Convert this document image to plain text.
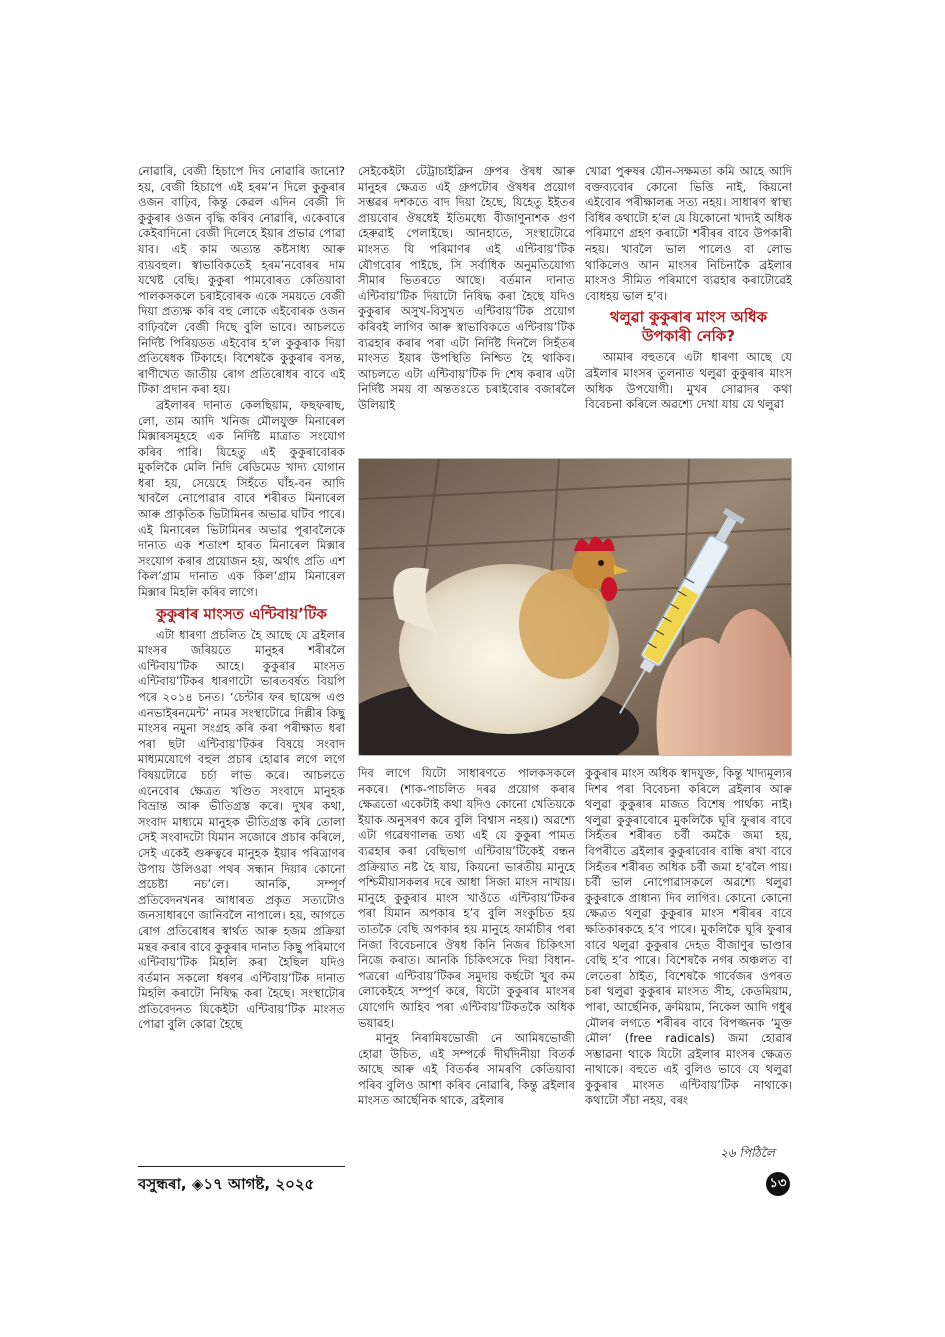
নোৱাৰি, বেজী হিচাপে দিব নোৱাৰি জানো? হয়, বেজী হিচাপে এই হৰমʼন দিলে কুকুৰাৰ ওজন বাঢ়িব, কিন্তু কেৱল এদিন বেজী দি কুকুৰাৰ ওজন বৃদ্ধি কৰিব নোৱাৰি, একেবাৰে কেইবাদিনো বেজী দিলেহে ইয়াৰ প্ৰভাৱ পোৱা যাব। এই কাম অত্যন্ত কষ্টসাধ্য আৰু ব্যয়বহুল। স্বাভাবিকতেই হৰমʼনবোৰৰ দাম যথেষ্ট বেছি। কুকুৰা পামবোৰত কেতিয়াবা পালকসকলে চৰাইবোৰক একে সময়তে বেজী দিয়া প্ৰত্যক্ষ কৰি বহু লোকে এইবোৰক ওজন বাঢ়িবলৈ বেজী দিছে বুলি ভাবে। আচলতে নিৰ্দিষ্ট পিৰিয়ডত এইবোৰ হʼল কুকুৰাক দিয়া প্ৰতিষেধক টিকাহে। বিশেষকৈ কুকুৰাৰ বসন্ত, ৰাণীখেত জাতীয় ৰোগ প্ৰতিৰোধৰ বাবে এই টিকা প্ৰদান কৰা হয়।

ব্ৰইলাৰৰ দানাত কেলছিয়াম, ফছফৰাছ, লো, তাম আদি খনিজ মৌলযুক্ত মিনাৰেল মিক্সাৰসমূহহে এক নিৰ্দিষ্ট মাত্ৰাত সংযোগ কৰিব পাৰি। যিহেতু এই কুকুৰাবোৰক মুকলিকৈ মেলি নিদি ৰেডিমেড খাদ্য যোগান ধৰা হয়, সেয়েহে সিহঁতে ঘাঁহ-বন আদি খাবলৈ নোপোৱাৰ বাবে শৰীৰত মিনাৰেল আৰু প্ৰাকৃতিক ভিটামিনৰ অভাৱ ঘটিব পাৰে। এই মিনাৰেল ভিটামিনৰ অভাৱ পূৰাবলৈকে দানাত এক শতাংশ হাৰত মিনাৰেল মিক্সাৰ সংযোগ কৰাৰ প্ৰয়োজন হয়, অৰ্থাৎ প্ৰতি এশ কিলʼগ্ৰাম দানাত এক কিলʼগ্ৰাম মিনাৰেল মিক্সাৰ মিহলি কৰিব লাগে।

কুকুৰাৰ মাংসত এন্টিবায়ʼটিক

এটা ধাৰণা প্ৰচলিত হৈ আছে যে ব্ৰইলাৰ মাংসৰ জৰিয়তে মানুহৰ শৰীৰলৈ এন্টিবায়ʼটিক আহে। কুকুৰাৰ মাংসত এন্টিবায়ʼটিকৰ ধাৰণাটো ভাৰতবৰ্ষত বিয়পি পৰে ২০১৪ চনত। ‘চেন্টাৰ ফৰ ছায়েন্স এণ্ড এনভাইৰনমেন্ট’ নামৰ সংস্থাটোৱে দিল্লীৰ কিছু মাংসৰ নমুনা সংগ্ৰহ কৰি কৰা পৰীক্ষাত ধৰা পৰা ছটা এন্টিবায়ʼটিকৰ বিষয়ে সংবাদ মাধ্যমযোগে বহুল প্ৰচাৰ হোৱাৰ লগে লগে বিষয়টোৱে চৰ্চা লাভ কৰে। আচলতে এনেবোৰ ক্ষেত্ৰত খণ্ডিত সংবাদে মানুহক বিভ্ৰান্ত আৰু ভীতিগ্ৰস্ত কৰে। দুখৰ কথা, সংবাদ মাধ্যমে মানুহক ভীতিগ্ৰস্ত কৰি তোলা সেই সংবাদটো যিমান সজোৰে প্ৰচাৰ কৰিলে, সেই একেই গুৰুত্বৰে মানুহক ইয়াৰ পৰিত্ৰাণৰ উপায় উলিওৱা পথৰ সন্ধান দিয়াৰ কোনো প্ৰচেষ্টা নচʼলে। আনকি, সম্পূৰ্ণ প্ৰতিবেদনখনৰ আধাৰত প্ৰকৃত সত্যটোও জনসাধাৰণে জানিবলৈ নাপালে। হয়, আগতে ৰোগ প্ৰতিৰোধৰ স্বাৰ্থত আৰু হজম প্ৰক্ৰিয়া মন্থৰ কৰাৰ বাবে কুকুৰাৰ দানাত কিছু পৰিমাণে এন্টিবায়ʼটিক মিহলি কৰা হৈছিল যদিও বৰ্তমান সকলো ধৰণৰ এন্টিবায়ʼটিক দানাত মিহলি কৰাটো নিষিদ্ধ কৰা হৈছে। সংস্থাটোৰ প্ৰতিবেদনত যিকেইটা এন্টিবায়ʼটিক মাংসত পোৱা বুলি কোৱা হৈছে

সেইকেইটা টেট্ৰাচাইক্লিন গ্ৰুপৰ ঔষধ আৰু মানুহৰ ক্ষেত্ৰত এই গ্ৰুপটোৰ ঔষধৰ প্ৰয়োগ সম্ভৱৰ দশকতে বাদ দিয়া হৈছে, যিহেতু ইইতৰ প্ৰায়বোৰ ঔষধেই ইতিমধ্যে বীজাণুনাশক গুণ হেৰুৱাই পেলাইছে। আনহাতে, সংস্থাটোৱে মাংসত যি পৰিমাণৰ এই এন্টিবায়ʼটিক যৌগবোৰ পাইছে, সি সৰ্বাধিক অনুমতিযোগ্য সীমাৰ ভিতৰতে আছে। বৰ্তমান দানাত এন্টিবায়ʼটিক দিয়াটো নিষিদ্ধ কৰা হৈছে যদিও কুকুৰাৰ অসুখ-বিসুখত এন্টিবায়ʼটিক প্ৰয়োগ কৰিবই লাগিব আৰু স্বাভাবিকতে এন্টিবায়ʼটিক ব্যৱহাৰ কৰাৰ পৰা এটা নিৰ্দিষ্ট দিনলৈ সিহঁতৰ মাংসত ইয়াৰ উপস্থিতি নিশ্চিত হৈ থাকিব। আচলতে এটা এন্টিবায়ʼটিক দি শেষ কৰাৰ এটা নিৰ্দিষ্ট সময় বা অন্ততঃতে চৰাইবোৰ বজাৰলৈ উলিয়াই

খোৱা পুৰুষৰ যৌন-সক্ষমতা কমি আহে আদি বক্তব্যবোৰ কোনো ভিত্তি নাই, কিয়নো এইবোৰ পৰীক্ষালব্ধ সত্য নহয়। সাধাৰণ স্বাস্থ্য বিধিৰ কথাটো হʼল যে যিকোনো খাদ্যই অধিক পৰিমাণে গ্ৰহণ কৰাটো শৰীৰৰ বাবে উপকাৰী নহয়। খাবলৈ ভাল পালেও বা লোভ থাকিলেও আন মাংসৰ নিচিনাকৈ ব্ৰইলাৰ মাংসও সীমিত পৰিমাণে ব্যৱহাৰ কৰাটোৱেই বোধহয় ভাল হʼব।

থলুৱা কুকুৰাৰ মাংস অধিক উপকাৰী নেকি?

আমাৰ বহুতৰে এটা ধাৰণা আছে যে ব্ৰইলাৰ মাংসৰ তুলনাত থলুৱা কুকুৰাৰ মাংস অধিক উপযোগী। মুখৰ সোৱাদৰ কথা বিবেচনা কৰিলে অৱশ্যে দেখা যায় যে থলুৱা

দিব লাগে যিটো সাধাৰণতে পালকসকলে নকৰে। (শাক-পাচলিত দৰৱ প্ৰয়োগ কৰাৰ ক্ষেত্ৰতো একেটাই কথা যদিও কোনো খেতিয়কে ইয়াক অনুসৰণ কৰে বুলি বিশ্বাস নহয়।) অৱশ্যে এটা গৱেষণালব্ধ তথ্য এই যে কুকুৰা পামত ব্যৱহাৰ কৰা বেছিভাগ এন্টিবায়ʼটিকেই বন্ধন প্ৰক্ৰিয়াত নষ্ট হৈ যায়, কিয়নো ভাৰতীয় মানুহে পশ্চিমীয়াসকলৰ দৰে আধা সিজা মাংস নাখায়। মানুহে কুকুৰাৰ মাংস খাওঁতে এন্টিবায়ʼটিকৰ পৰা যিমান অপকাৰ হʼব বুলি সংকুচিত হয় তাতকৈ বেছি অপকাৰ হয় মানুহে ফাৰ্মাচীৰ পৰা নিজা বিবেচনাৰে ঔষধ কিনি নিজৰ চিকিৎসা নিজে কৰাত। আনকি চিকিৎসকে দিয়া বিধান-পত্ৰৰো এন্টিবায়ʼটিকৰ সমুদায় কৰ্ছটো খুব কম লোকেইহে সম্পূৰ্ণ কৰে, যিটো কুকুৰাৰ মাংসৰ যোগেদি আহিব পৰা এন্টিবায়ʼটিকতকৈ অধিক ভয়াৱহ।

মানুহ নিৰামিষভোজী নে আমিষভোজী হোৱা উচিত, এই সম্পৰ্কে দীৰ্ঘদিনীয়া বিতৰ্ক আছে আৰু এই বিতৰ্কৰ সামৰণি কেতিয়াবা পৰিব বুলিও আশা কৰিব নোৱাৰি, কিন্তু ব্ৰইলাৰ মাংসত আৰ্ছেনিক থাকে, ব্ৰইলাৰ

কুকুৰাৰ মাংস অধিক স্বাদযুক্ত, কিন্তু খাদ্যমূল্যৰ দিশৰ পৰা বিবেচনা কৰিলে ব্ৰইলাৰ আৰু থলুৱা কুকুৰাৰ মাজত বিশেষ পাৰ্থক্য নাই। থলুৱা কুকুৰাবোৰে মুকলিকৈ ঘূৰি ফুৰাৰ বাবে সিহঁতৰ শৰীৰত চৰ্বী কমকৈ জমা হয়, বিপৰীতে ব্ৰইলাৰ কুকুৰাবোৰ বান্ধি ৰখা বাবে সিহঁতৰ শৰীৰত অধিক চৰ্বী জমা হʼবলৈ পায়। চৰ্বী ভাল নোপোৱাসকলে অৱশ্যে থলুৱা কুকুৰাকে প্ৰাধান্য দিব লাগিব। কোনো কোনো ক্ষেত্ৰত থলুৱা কুকুৰাৰ মাংস শৰীৰৰ বাবে ক্ষতিকাৰকহে হʼব পাৰে। মুকলিকৈ ঘূৰি ফুৰাৰ বাবে থলুৱা কুকুৰাৰ দেহত বীজাণুৰ ভাণ্ডাৰ বেছি হʼব পাৰে। বিশেষকৈ নগৰ অঞ্চলত বা লেতেৰা ঠাইত, বিশেষকৈ গাৰ্বেজৰ ওপৰত চৰা থলুৱা কুকুৰাৰ মাংসত সীহ, কেডমিয়াম, পাৰা, আৰ্ছেনিক, ক্ৰমিয়াম, নিকেল আদি গধুৰ মৌলৰ লগতে শৰীৰৰ বাবে বিপজ্জনক ‘মুক্ত মৌল’ (free radicals) জমা হোৱাৰ সম্ভাৱনা থাকে যিটো ব্ৰইলাৰ মাংসৰ ক্ষেত্ৰত নাথাকে। বহুতে এই বুলিও ভাবে যে থলুৱা কুকুৰাৰ মাংসত এন্টিবায়ʼটিক নাথাকে। কথাটো সঁচা নহয়, বৰং

২৬ পিঠিলৈ
বসুন্ধৰা, ◈১৭ আগষ্ট, ২০২৫	১৩
